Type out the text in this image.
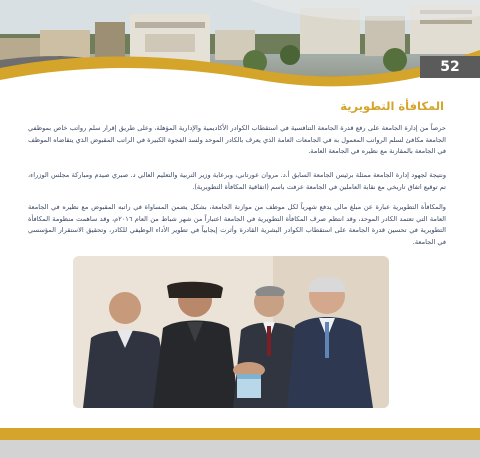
52
المكافأة التطويرية

حرصاً من إدارة الجامعة على رفع قدرة الجامعة التنافسية في استقطاب الكوادر الأكاديمية والإدارية المؤهلة، وعلى طريق إقرار سلم رواتب خاص بموظفي الجامعة مكافئ لسلم الرواتب المعمول به في الجامعات العامة الذي يعرف بالكادر الموحد ولسد الفجوة الكبيرة في الراتب المقبوض الذي يتقاضاه الموظف في الجامعة بالمقارنة مع نظيره في الجامعة العامة.

ونتيجة لجهود إدارة الجامعة ممثلة برئيس الجامعة السابق أ.د. مروان عورتاني، وبرعاية وزير التربية والتعليم العالي د. صبري صيدم ومباركة مجلس الوزراء، تم توقيع اتفاق تاريخي مع نقابة العاملين في الجامعة عرفت باسم (اتفاقية المكافأة التطويرية).

والمكافأة التطويرية عبارة عن مبلغ مالي يدفع شهرياً لكل موظف من موازنة الجامعة، بشكل يضمن المساواة في راتبه المقبوض مع نظيره في الجامعة العامة التي تعتمد الكادر الموحد، وقد انتظم صرف المكافأة التطويرية في الجامعة اعتباراً من شهر شباط من العام ٢٠١٦م، وقد ساهمت منظومة المكافأة التطويرية في تحسين قدرة الجامعة على استقطاب الكوادر البشرية القادرة وأثرت إيجابياً في تطوير الأداء الوظيفي للكادر، وتحقيق الاستقرار المؤسسي في الجامعة.
